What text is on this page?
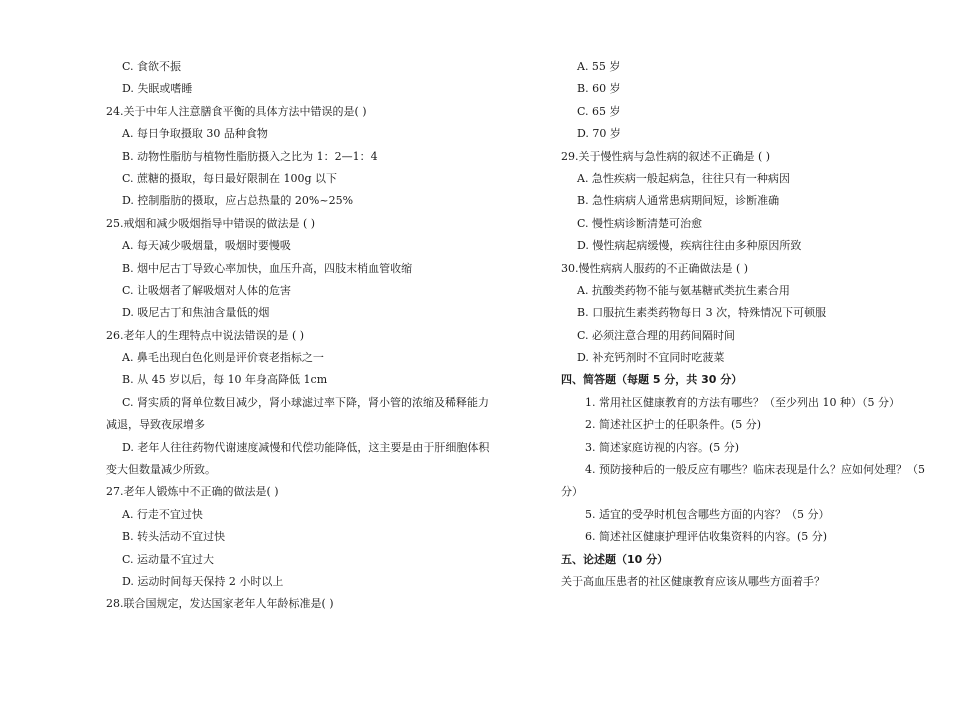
C. 食欲不振
D. 失眠或嗜睡
24.关于中年人注意膳食平衡的具体方法中错误的是( )
A. 每日争取摄取 30 品种食物
B. 动物性脂肪与植物性脂肪摄入之比为 1：2—1：4
C. 蔗糖的摄取，每日最好限制在 100g 以下
D. 控制脂肪的摄取，应占总热量的 20%~25%
25.戒烟和减少吸烟指导中错误的做法是 ( )
A. 每天减少吸烟量，吸烟时要慢吸
B. 烟中尼古丁导致心率加快，血压升高，四肢末梢血管收缩
C. 让吸烟者了解吸烟对人体的危害
D. 吸尼古丁和焦油含量低的烟
26.老年人的生理特点中说法错误的是 ( )
A. 鼻毛出现白色化则是评价衰老指标之一
B. 从 45 岁以后，每 10 年身高降低 1cm
C. 肾实质的肾单位数目减少，肾小球滤过率下降，肾小管的浓缩及稀释能力
减退，导致夜尿增多
D. 老年人往往药物代谢速度减慢和代偿功能降低，这主要是由于肝细胞体积
变大但数量减少所致。
27.老年人锻炼中不正确的做法是( )
A. 行走不宜过快
B. 转头活动不宜过快
C. 运动量不宜过大
D. 运动时间每天保持 2 小时以上
28.联合国规定，发达国家老年人年龄标准是( )
A. 55 岁
B. 60 岁
C. 65 岁
D. 70 岁
29.关于慢性病与急性病的叙述不正确是 ( )
A. 急性疾病一般起病急，往往只有一种病因
B. 急性病病人通常患病期间短，诊断准确
C. 慢性病诊断清楚可治愈
D. 慢性病起病缓慢，疾病往往由多种原因所致
30.慢性病病人服药的不正确做法是 ( )
A. 抗酸类药物不能与氨基糖甙类抗生素合用
B. 口服抗生素类药物每日 3 次，特殊情况下可顿服
C. 必须注意合理的用药间隔时间
D. 补充钙剂时不宜同时吃菠菜
四、简答题（每题 5 分，共 30 分）
1. 常用社区健康教育的方法有哪些？（至少列出 10 种）（5 分）
2. 简述社区护士的任职条件。(5 分)
3. 简述家庭访视的内容。(5 分)
4. 预防接种后的一般反应有哪些？临床表现是什么？应如何处理？（5
分）
5. 适宜的受孕时机包含哪些方面的内容？（5 分）
6. 简述社区健康护理评估收集资料的内容。(5 分)
五、论述题（10 分）
关于高血压患者的社区健康教育应该从哪些方面着手？
